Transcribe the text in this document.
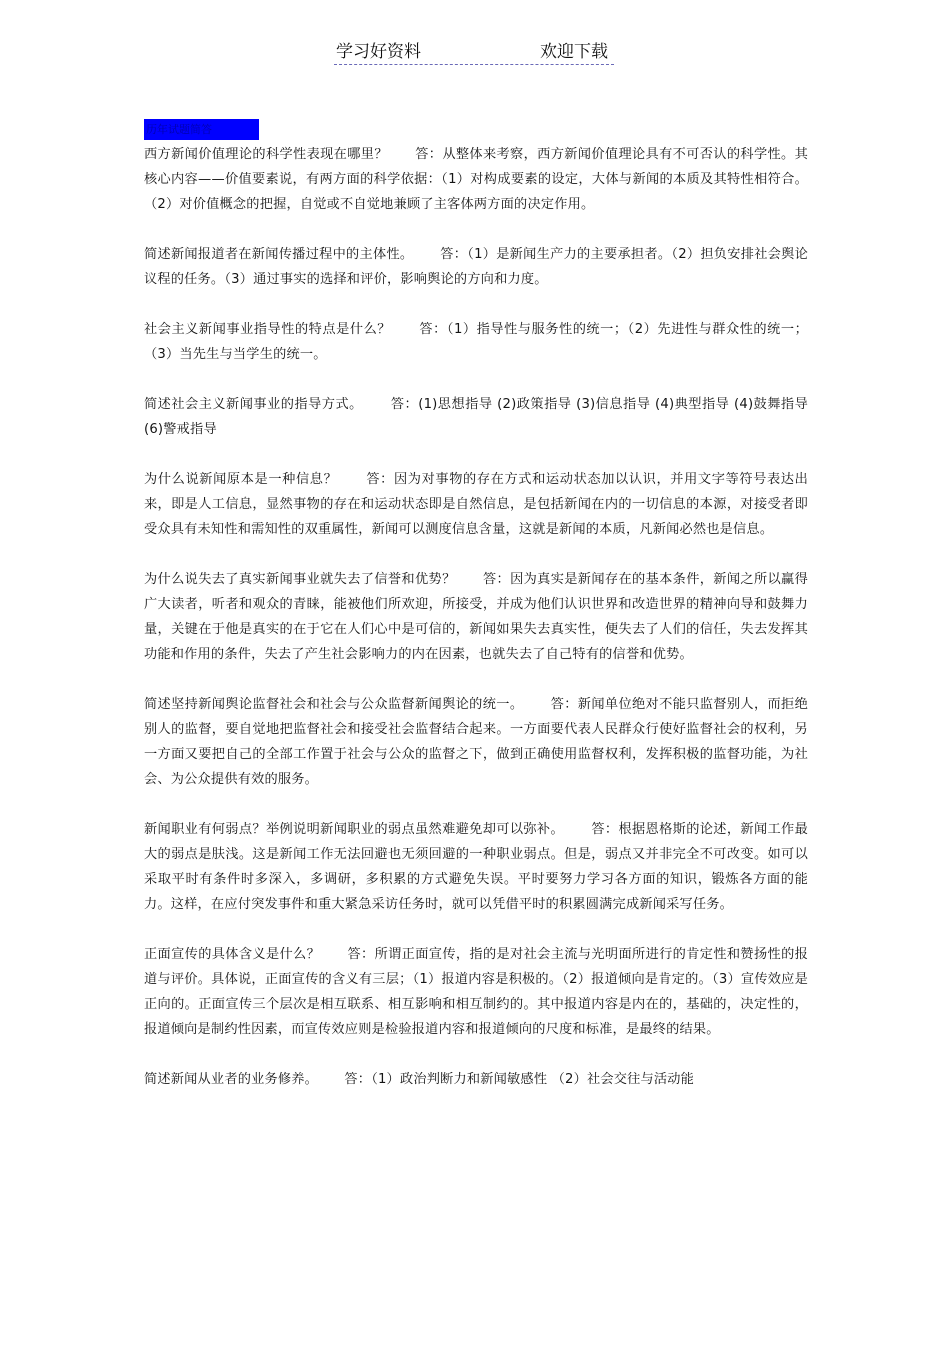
学习好资料	欢迎下载
历年试题简答

西方新闻价值理论的科学性表现在哪里？ 答：从整体来考察，西方新闻价值理论具有不可否认的科学性。其核心内容——价值要素说，有两方面的科学依据：（1）对构成要素的设定，大体与新闻的本质及其特性相符合。（2）对价值概念的把握，自觉或不自觉地兼顾了主客体两方面的决定作用。

简述新闻报道者在新闻传播过程中的主体性。 答：（1）是新闻生产力的主要承担者。（2）担负安排社会舆论议程的任务。（3）通过事实的选择和评价，影响舆论的方向和力度。

社会主义新闻事业指导性的特点是什么？ 答：（1）指导性与服务性的统一；（2）先进性与群众性的统一；（3）当先生与当学生的统一。

简述社会主义新闻事业的指导方式。 答：(1)思想指导 (2)政策指导 (3)信息指导 (4)典型指导 (4)鼓舞指导 (6)警戒指导

为什么说新闻原本是一种信息？ 答：因为对事物的存在方式和运动状态加以认识，并用文字等符号表达出来，即是人工信息，显然事物的存在和运动状态即是自然信息，是包括新闻在内的一切信息的本源，对接受者即受众具有未知性和需知性的双重属性，新闻可以测度信息含量，这就是新闻的本质，凡新闻必然也是信息。

为什么说失去了真实新闻事业就失去了信誉和优势？ 答：因为真实是新闻存在的基本条件，新闻之所以赢得广大读者，听者和观众的青睐，能被他们所欢迎，所接受，并成为他们认识世界和改造世界的精神向导和鼓舞力量，关键在于他是真实的在于它在人们心中是可信的，新闻如果失去真实性，便失去了人们的信任，失去发挥其功能和作用的条件，失去了产生社会影响力的内在因素，也就失去了自己特有的信誉和优势。

简述坚持新闻舆论监督社会和社会与公众监督新闻舆论的统一。 答：新闻单位绝对不能只监督别人，而拒绝别人的监督，要自觉地把监督社会和接受社会监督结合起来。一方面要代表人民群众行使好监督社会的权利，另一方面又要把自己的全部工作置于社会与公众的监督之下，做到正确使用监督权利，发挥积极的监督功能，为社会、为公众提供有效的服务。

新闻职业有何弱点？举例说明新闻职业的弱点虽然难避免却可以弥补。 答：根据恩格斯的论述，新闻工作最大的弱点是肤浅。这是新闻工作无法回避也无须回避的一种职业弱点。但是，弱点又并非完全不可改变。如可以采取平时有条件时多深入，多调研，多积累的方式避免失误。平时要努力学习各方面的知识，锻炼各方面的能力。这样，在应付突发事件和重大紧急采访任务时，就可以凭借平时的积累圆满完成新闻采写任务。

正面宣传的具体含义是什么？ 答：所谓正面宣传，指的是对社会主流与光明面所进行的肯定性和赞扬性的报道与评价。具体说，正面宣传的含义有三层；（1）报道内容是积极的。（2）报道倾向是肯定的。（3）宣传效应是正向的。正面宣传三个层次是相互联系、相互影响和相互制约的。其中报道内容是内在的，基础的，决定性的，报道倾向是制约性因素，而宣传效应则是检验报道内容和报道倾向的尺度和标准，是最终的结果。

简述新闻从业者的业务修养。 答：（1）政治判断力和新闻敏感性 （2）社会交往与活动能
